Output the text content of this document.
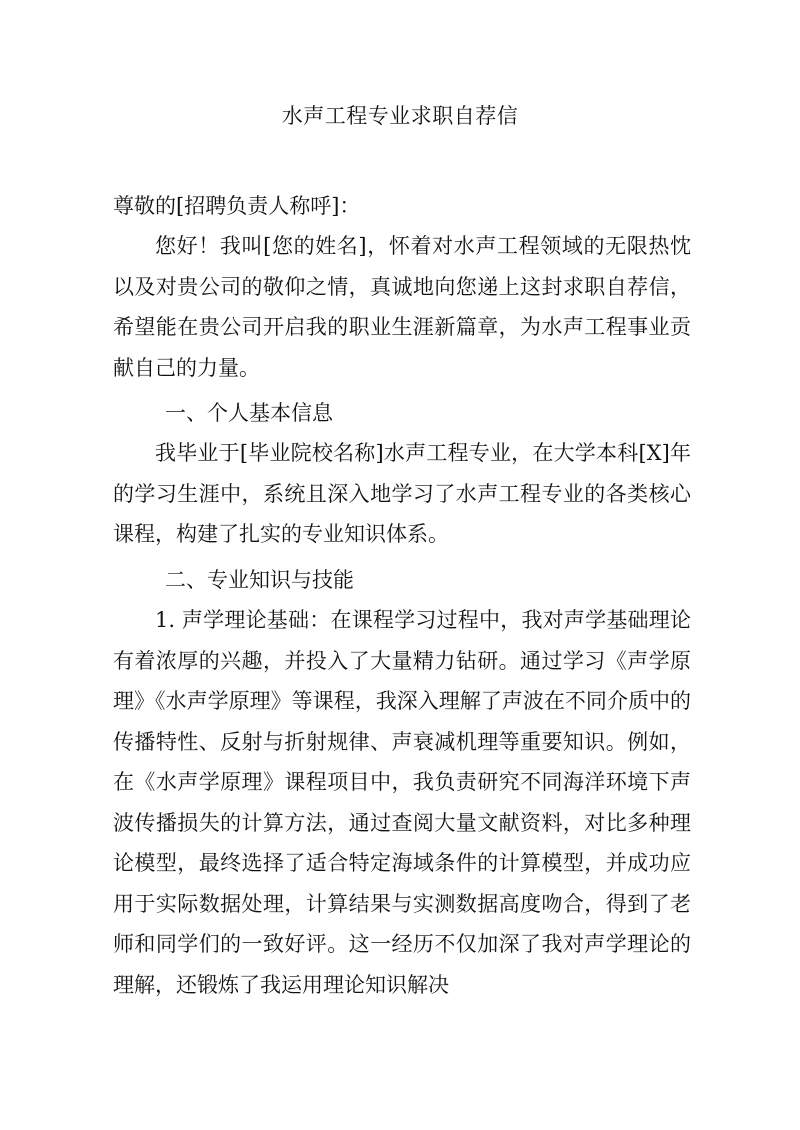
水声工程专业求职自荐信

尊敬的[招聘负责人称呼]：

您好！我叫[您的姓名]，怀着对水声工程领域的无限热忱以及对贵公司的敬仰之情，真诚地向您递上这封求职自荐信，希望能在贵公司开启我的职业生涯新篇章，为水声工程事业贡献自己的力量。

一、个人基本信息

我毕业于[毕业院校名称]水声工程专业，在大学本科[X]年的学习生涯中，系统且深入地学习了水声工程专业的各类核心课程，构建了扎实的专业知识体系。

二、专业知识与技能

1. 声学理论基础：在课程学习过程中，我对声学基础理论有着浓厚的兴趣，并投入了大量精力钻研。通过学习《声学原理》《水声学原理》等课程，我深入理解了声波在不同介质中的传播特性、反射与折射规律、声衰减机理等重要知识。例如，在《水声学原理》课程项目中，我负责研究不同海洋环境下声波传播损失的计算方法，通过查阅大量文献资料，对比多种理论模型，最终选择了适合特定海域条件的计算模型，并成功应用于实际数据处理，计算结果与实测数据高度吻合，得到了老师和同学们的一致好评。这一经历不仅加深了我对声学理论的理解，还锻炼了我运用理论知识解决
